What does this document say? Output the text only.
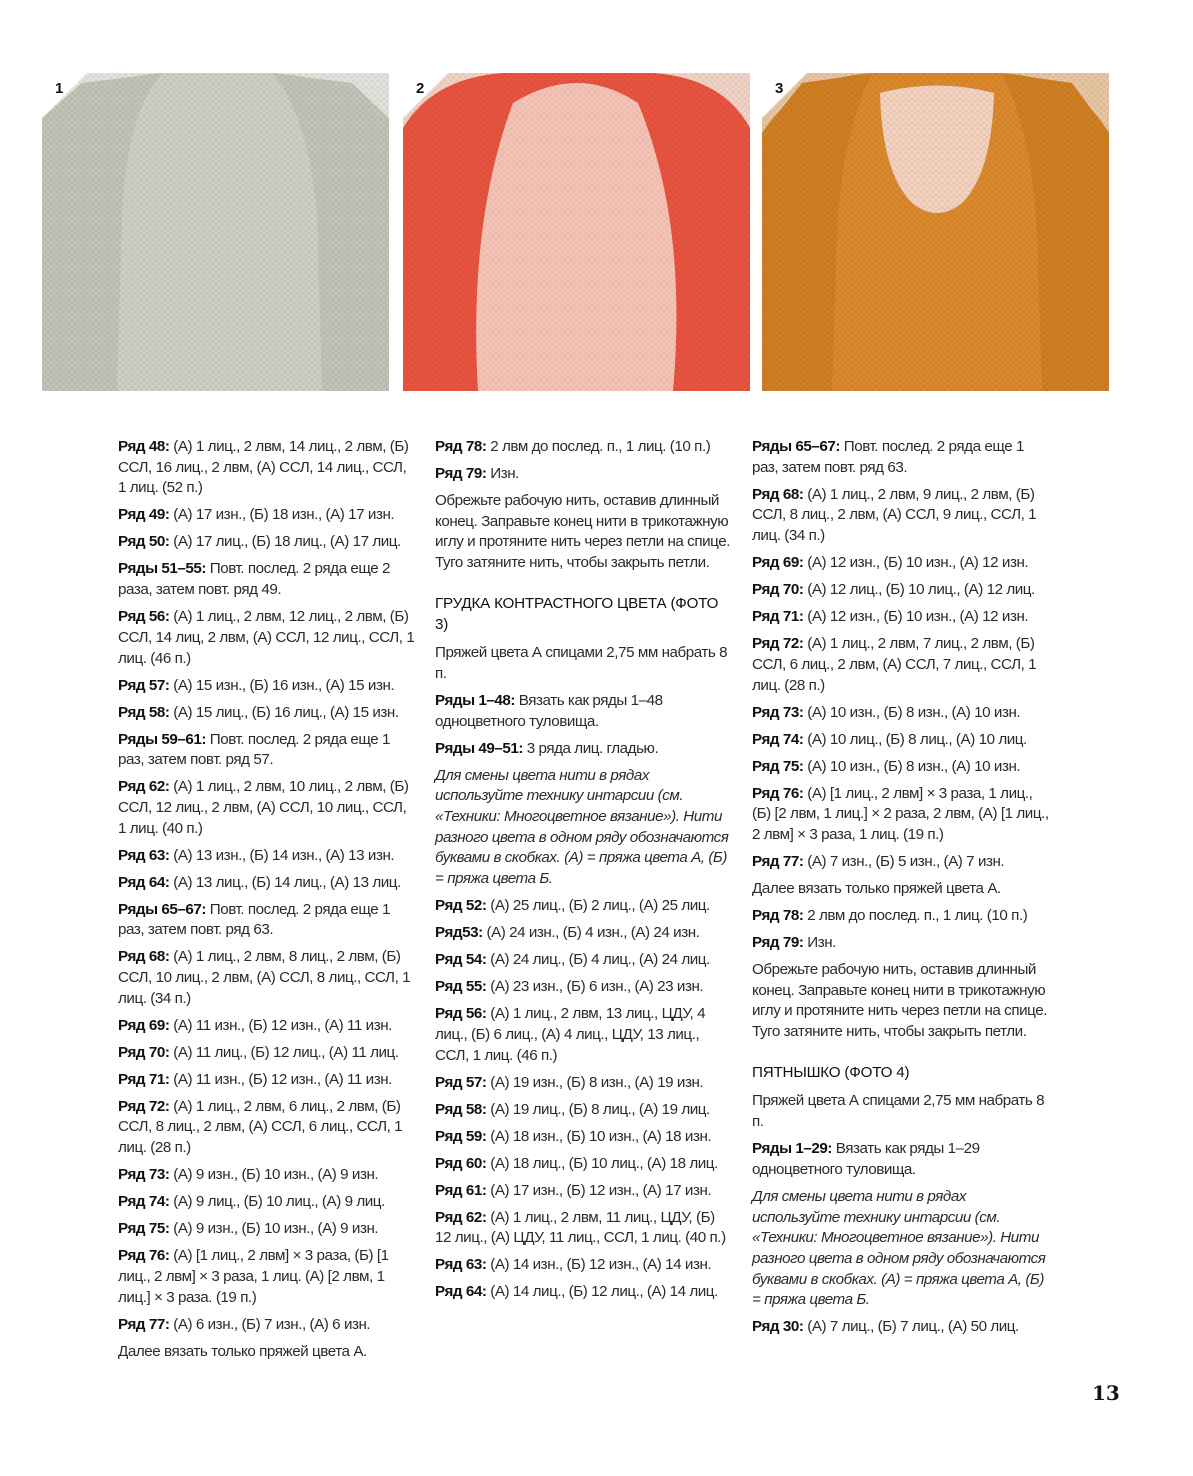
1	2	3

Ряд 48: (А) 1 лиц., 2 лвм, 14 лиц., 2 лвм, (Б) ССЛ, 16 лиц., 2 лвм, (А) ССЛ, 14 лиц., ССЛ, 1 лиц. (52 п.)

Ряд 49: (А) 17 изн., (Б) 18 изн., (А) 17 изн.

Ряд 50: (А) 17 лиц., (Б) 18 лиц., (А) 17 лиц.

Ряды 51–55: Повт. послед. 2 ряда еще 2 раза, затем повт. ряд 49.

Ряд 56: (А) 1 лиц., 2 лвм, 12 лиц., 2 лвм, (Б) ССЛ, 14 лиц, 2 лвм, (А) ССЛ, 12 лиц., ССЛ, 1 лиц. (46 п.)

Ряд 57: (А) 15 изн., (Б) 16 изн., (А) 15 изн.

Ряд 58: (А) 15 лиц., (Б) 16 лиц., (А) 15 изн.

Ряды 59–61: Повт. послед. 2 ряда еще 1 раз, затем повт. ряд 57.

Ряд 62: (А) 1 лиц., 2 лвм, 10 лиц., 2 лвм, (Б) ССЛ, 12 лиц., 2 лвм, (А) ССЛ, 10 лиц., ССЛ, 1 лиц. (40 п.)

Ряд 63: (А) 13 изн., (Б) 14 изн., (А) 13 изн.

Ряд 64: (А) 13 лиц., (Б) 14 лиц., (А) 13 лиц.

Ряды 65–67: Повт. послед. 2 ряда еще 1 раз, затем повт. ряд 63.

Ряд 68: (А) 1 лиц., 2 лвм, 8 лиц., 2 лвм, (Б) ССЛ, 10 лиц., 2 лвм, (А) ССЛ, 8 лиц., ССЛ, 1 лиц. (34 п.)

Ряд 69: (А) 11 изн., (Б) 12 изн., (А) 11 изн.

Ряд 70: (А) 11 лиц., (Б) 12 лиц., (А) 11 лиц.

Ряд 71: (А) 11 изн., (Б) 12 изн., (А) 11 изн.

Ряд 72: (А) 1 лиц., 2 лвм, 6 лиц., 2 лвм, (Б) ССЛ, 8 лиц., 2 лвм, (А) ССЛ, 6 лиц., ССЛ, 1 лиц. (28 п.)

Ряд 73: (А) 9 изн., (Б) 10 изн., (А) 9 изн.

Ряд 74: (А) 9 лиц., (Б) 10 лиц., (А) 9 лиц.

Ряд 75: (А) 9 изн., (Б) 10 изн., (А) 9 изн.

Ряд 76: (А) [1 лиц., 2 лвм] × 3 раза, (Б) [1 лиц., 2 лвм] × 3 раза, 1 лиц. (А) [2 лвм, 1 лиц.] × 3 раза. (19 п.)

Ряд 77: (А) 6 изн., (Б) 7 изн., (А) 6 изн.

Далее вязать только пряжей цвета А.

Ряд 78: 2 лвм до послед. п., 1 лиц. (10 п.)

Ряд 79: Изн.

Обрежьте рабочую нить, оставив длинный конец. Заправьте конец нити в трикотажную иглу и протяните нить через петли на спице. Туго затяните нить, чтобы закрыть петли.

ГРУДКА КОНТРАСТНОГО ЦВЕТА (ФОТО 3)

Пряжей цвета А спицами 2,75 мм набрать 8 п.

Ряды 1–48: Вязать как ряды 1–48 одноцветного туловища.

Ряды 49–51: 3 ряда лиц. гладью.

Для смены цвета нити в рядах используйте технику интарсии (см. «Техники: Многоцветное вязание»). Нити разного цвета в одном ряду обозначаются буквами в скобках. (А) = пряжа цвета А, (Б) = пряжа цвета Б.

Ряд 52: (А) 25 лиц., (Б) 2 лиц., (А) 25 лиц.

Ряд53: (А) 24 изн., (Б) 4 изн., (А) 24 изн.

Ряд 54: (А) 24 лиц., (Б) 4 лиц., (А) 24 лиц.

Ряд 55: (А) 23 изн., (Б) 6 изн., (А) 23 изн.

Ряд 56: (А) 1 лиц., 2 лвм, 13 лиц., ЦДУ, 4 лиц., (Б) 6 лиц., (А) 4 лиц., ЦДУ, 13 лиц., ССЛ, 1 лиц. (46 п.)

Ряд 57: (А) 19 изн., (Б) 8 изн., (А) 19 изн.

Ряд 58: (А) 19 лиц., (Б) 8 лиц., (А) 19 лиц.

Ряд 59: (А) 18 изн., (Б) 10 изн., (А) 18 изн.

Ряд 60: (А) 18 лиц., (Б) 10 лиц., (А) 18 лиц.

Ряд 61: (А) 17 изн., (Б) 12 изн., (А) 17 изн.

Ряд 62: (А) 1 лиц., 2 лвм, 11 лиц., ЦДУ, (Б) 12 лиц., (А) ЦДУ, 11 лиц., ССЛ, 1 лиц. (40 п.)

Ряд 63: (А) 14 изн., (Б) 12 изн., (А) 14 изн.

Ряд 64: (А) 14 лиц., (Б) 12 лиц., (А) 14 лиц.

Ряды 65–67: Повт. послед. 2 ряда еще 1 раз, затем повт. ряд 63.

Ряд 68: (А) 1 лиц., 2 лвм, 9 лиц., 2 лвм, (Б) ССЛ, 8 лиц., 2 лвм, (А) ССЛ, 9 лиц., ССЛ, 1 лиц. (34 п.)

Ряд 69: (А) 12 изн., (Б) 10 изн., (А) 12 изн.

Ряд 70: (А) 12 лиц., (Б) 10 лиц., (А) 12 лиц.

Ряд 71: (А) 12 изн., (Б) 10 изн., (А) 12 изн.

Ряд 72: (А) 1 лиц., 2 лвм, 7 лиц., 2 лвм, (Б) ССЛ, 6 лиц., 2 лвм, (А) ССЛ, 7 лиц., ССЛ, 1 лиц. (28 п.)

Ряд 73: (А) 10 изн., (Б) 8 изн., (А) 10 изн.

Ряд 74: (А) 10 лиц., (Б) 8 лиц., (А) 10 лиц.

Ряд 75: (А) 10 изн., (Б) 8 изн., (А) 10 изн.

Ряд 76: (А) [1 лиц., 2 лвм] × 3 раза, 1 лиц., (Б) [2 лвм, 1 лиц.] × 2 раза, 2 лвм, (А) [1 лиц., 2 лвм] × 3 раза, 1 лиц. (19 п.)

Ряд 77: (А) 7 изн., (Б) 5 изн., (А) 7 изн.

Далее вязать только пряжей цвета А.

Ряд 78: 2 лвм до послед. п., 1 лиц. (10 п.)

Ряд 79: Изн.

Обрежьте рабочую нить, оставив длинный конец. Заправьте конец нити в трикотажную иглу и протяните нить через петли на спице. Туго затяните нить, чтобы закрыть петли.

ПЯТНЫШКО (ФОТО 4)

Пряжей цвета А спицами 2,75 мм набрать 8 п.

Ряды 1–29: Вязать как ряды 1–29 одноцветного туловища.

Для смены цвета нити в рядах используйте технику интарсии (см. «Техники: Многоцветное вязание»). Нити разного цвета в одном ряду обозначаются буквами в скобках. (А) = пряжа цвета А, (Б) = пряжа цвета Б.

Ряд 30: (А) 7 лиц., (Б) 7 лиц., (А) 50 лиц.

13
